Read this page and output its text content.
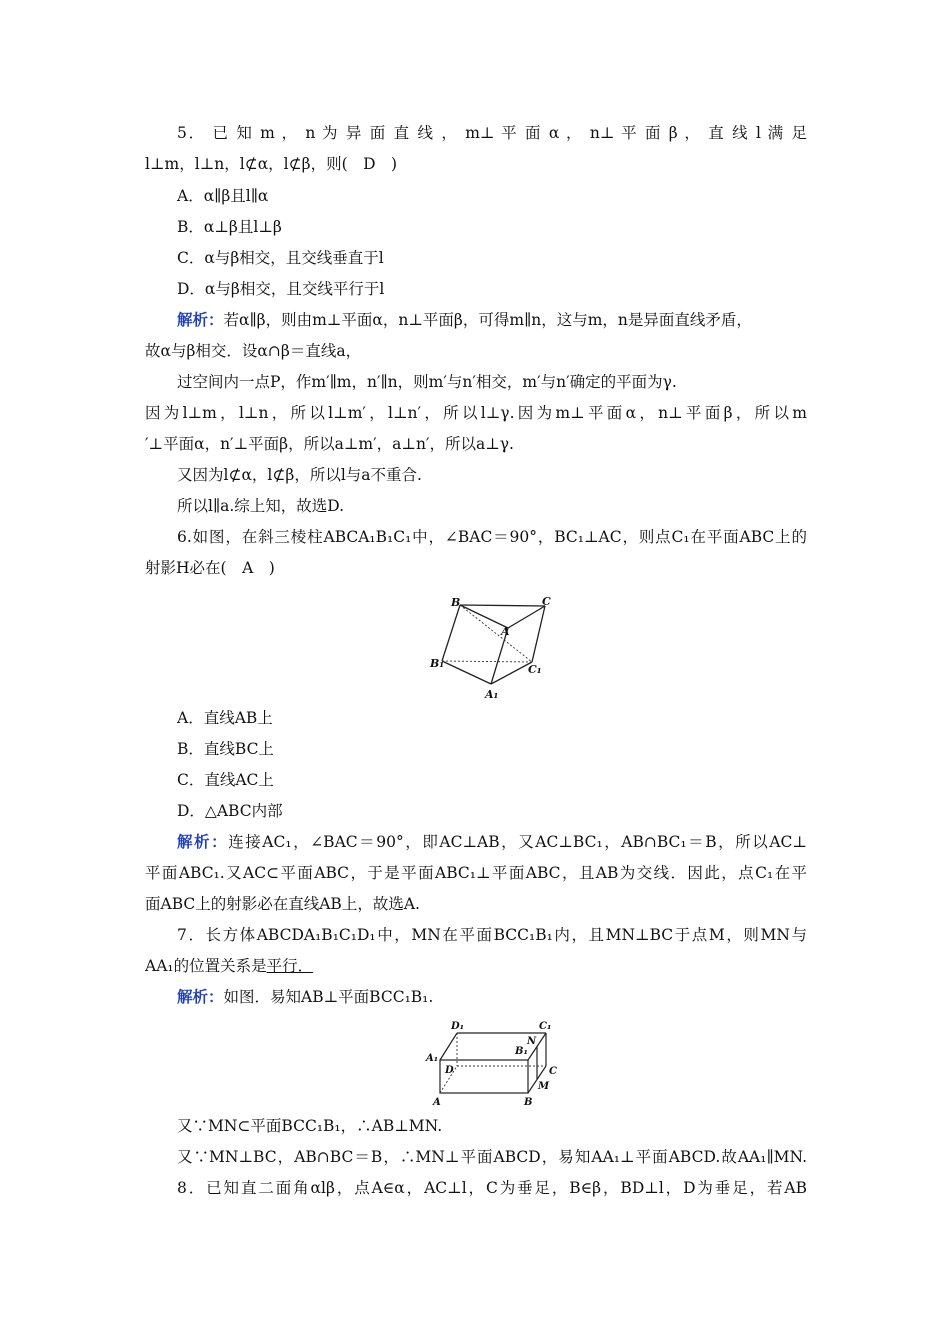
5． 已 知 m ， n 为 异 面 直 线 ， m⊥ 平 面 α ， n⊥ 平 面 β ， 直 线 l 满 足
l⊥m，l⊥n，l⊄α，l⊄β，则(　D　)
A．α∥β且l∥α
B．α⊥β且l⊥β
C．α与β相交，且交线垂直于l
D．α与β相交，且交线平行于l
解析：若α∥β，则由m⊥平面α，n⊥平面β，可得m∥n，这与m，n是异面直线矛盾，
故α与β相交．设α∩β＝直线a，
过空间内一点P，作m′∥m，n′∥n，则m′与n′相交，m′与n′确定的平面为γ.
因为l⊥m，l⊥n，所以l⊥m′，l⊥n′，所以l⊥γ.因为m⊥平面α，n⊥平面β，所以m
′⊥平面α，n′⊥平面β，所以a⊥m′，a⊥n′，所以a⊥γ.
又因为l⊄α，l⊄β，所以l与a不重合.
所以l∥a.综上知，故选D.
6.如图，在斜三棱柱ABCA₁B₁C₁中，∠BAC＝90°，BC₁⊥AC，则点C₁在平面ABC上的
射影H必在(　A　)
B	C
A
B₁	C₁
A₁
A．直线AB上
B．直线BC上
C．直线AC上
D．△ABC内部
解析：连接AC₁，∠BAC＝90°，即AC⊥AB，又AC⊥BC₁，AB∩BC₁＝B，所以AC⊥
平面ABC₁.又AC⊂平面ABC，于是平面ABC₁⊥平面ABC，且AB为交线．因此，点C₁在平
面ABC上的射影必在直线AB上，故选A.
7．长方体ABCDA₁B₁C₁D₁中，MN在平面BCC₁B₁内，且MN⊥BC于点M，则MN与
AA₁的位置关系是平行．
解析：如图．易知AB⊥平面BCC₁B₁.
D₁	C₁
A₁
B₁
N
D	C
M
A	B
又∵MN⊂平面BCC₁B₁，∴AB⊥MN.
又∵MN⊥BC，AB∩BC＝B，∴MN⊥平面ABCD，易知AA₁⊥平面ABCD.故AA₁∥MN.
8．已知直二面角αlβ，点A∈α，AC⊥l，C为垂足，B∈β，BD⊥l，D为垂足，若AB
